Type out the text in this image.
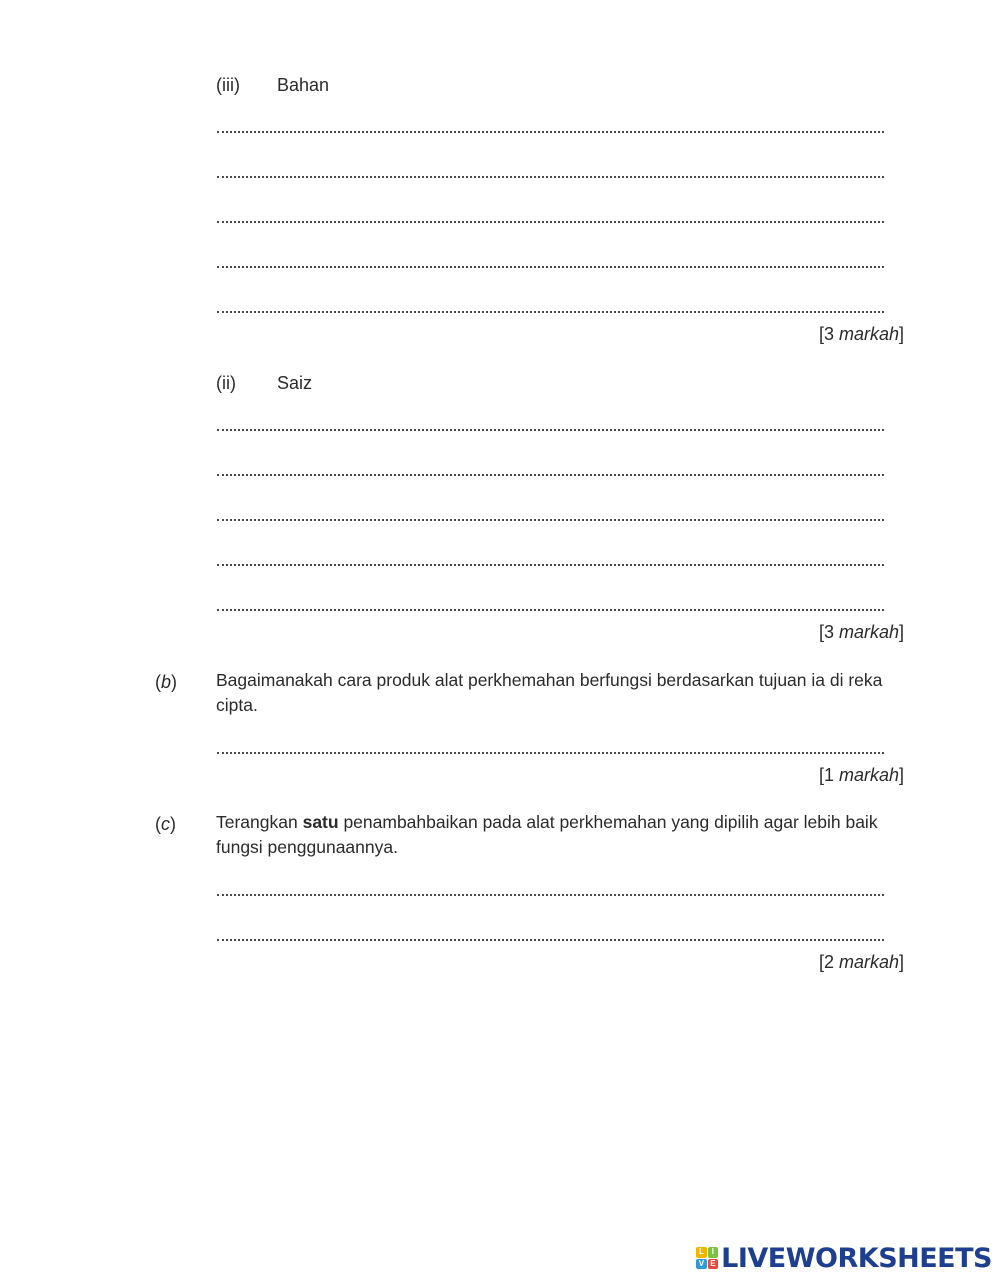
(iii) Bahan
[3 markah]
(ii) Saiz
[3 markah]
(b) Bagaimanakah cara produk alat perkhemahan berfungsi berdasarkan tujuan ia di reka cipta.
[1 markah]
(c) Terangkan satu penambahbaikan pada alat perkhemahan yang dipilih agar lebih baik fungsi penggunaannya.
[2 markah]
L I
V E LIVEWORKSHEETS
